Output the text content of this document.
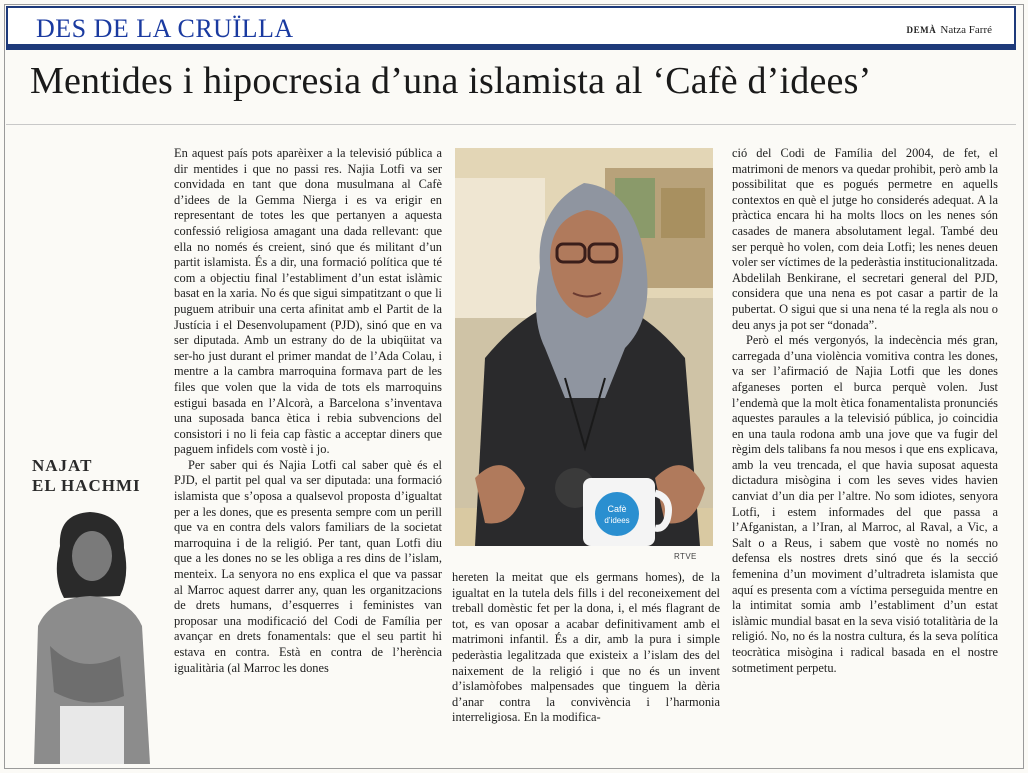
DES DE LA CRUÏLLA	DEMÀ Natza Farré
Mentides i hipocresia d’una islamista al ‘Cafè d’idees’

En aquest país pots aparèixer a la televisió pública a dir mentides i que no passi res. Najia Lotfi va ser convidada en tant que dona musulmana al Cafè d’idees de la Gemma Nierga i es va erigir en representant de totes les que pertanyen a aquesta confessió religiosa amagant una dada rellevant: que ella no només és creient, sinó que és militant d’un partit islamista. És a dir, una formació política que té com a objectiu final l’establiment d’un estat islàmic basat en la xaria. No és que sigui simpatitzant o que li puguem atribuir una certa afinitat amb el Partit de la Justícia i el Desenvolupament (PJD), sinó que en va ser diputada. Amb un estrany do de la ubiqüitat va ser-ho just durant el primer mandat de l’Ada Colau, i mentre a la cambra marroquina formava part de les files que volen que la vida de tots els marroquins estigui basada en l’Alcorà, a Barcelona s’inventava una suposada banca ètica i rebia subvencions del consistori i no li feia cap fàstic a acceptar diners que paguem infidels com vostè i jo.

Per saber qui és Najia Lotfi cal saber què és el PJD, el partit pel qual va ser diputada: una formació islamista que s’oposa a qualsevol proposta d’igualtat per a les dones, que es presenta sempre com un perill que va en contra dels valors familiars de la societat marroquina i de la religió. Per tant, quan Lotfi diu que a les dones no se les obliga a res dins de l’islam, menteix. La senyora no ens explica el que va passar al Marroc aquest darrer any, quan les organitzacions de drets humans, d’esquerres i feministes van proposar una modificació del Codi de Família per avançar en drets fonamentals: que el seu partit hi estava en contra. Està en contra de l’herència igualitària (al Marroc les dones

Cafè
d’idees
RTVE

hereten la meitat que els germans homes), de la igualtat en la tutela dels fills i del reconeixement del treball domèstic fet per la dona, i, el més flagrant de tot, es van oposar a acabar definitivament amb el matrimoni infantil. És a dir, amb la pura i simple pederàstia legalitzada que existeix a l’islam des del naixement de la religió i que no és un invent d’islamòfobes malpensades que tinguem la dèria d’anar contra la convivència i l’harmonia interreligiosa. En la modifica-

ció del Codi de Família del 2004, de fet, el matrimoni de menors va quedar prohibit, però amb la possibilitat que es pogués permetre en aquells contextos en què el jutge ho considerés adequat. A la pràctica encara hi ha molts llocs on les nenes són casades de manera absolutament legal. També deu ser perquè ho volen, com deia Lotfi; les nenes deuen voler ser víctimes de la pederàstia institucionalitzada. Abdelilah Benkirane, el secretari general del PJD, considera que una nena es pot casar a partir de la pubertat. O sigui que si una nena té la regla als nou o deu anys ja pot ser “donada”.

Però el més vergonyós, la indecència més gran, carregada d’una violència vomitiva contra les dones, va ser l’afirmació de Najia Lotfi que les dones afganeses porten el burca perquè volen. Just l’endemà que la molt ètica fonamentalista pronunciés aquestes paraules a la televisió pública, jo coincidia en una taula rodona amb una jove que va fugir del règim dels talibans fa nou mesos i que ens explicava, amb la veu trencada, el que havia suposat aquesta dictadura misògina i com les seves vides havien canviat d’un dia per l’altre. No som idiotes, senyora Lotfi, i estem informades del que passa a l’Afganistan, a l’Iran, al Marroc, al Raval, a Vic, a Salt o a Reus, i sabem que vostè no només no defensa els nostres drets sinó que és la secció femenina d’un moviment d’ultradreta islamista que aquí es presenta com a víctima perseguida mentre en la intimitat somia amb l’establiment d’un estat islàmic mundial basat en la seva visió totalitària de la religió. No, no és la nostra cultura, és la seva política teocràtica misògina i radical basada en el nostre sotmetiment perpetu.

NAJAT
EL HACHMI
